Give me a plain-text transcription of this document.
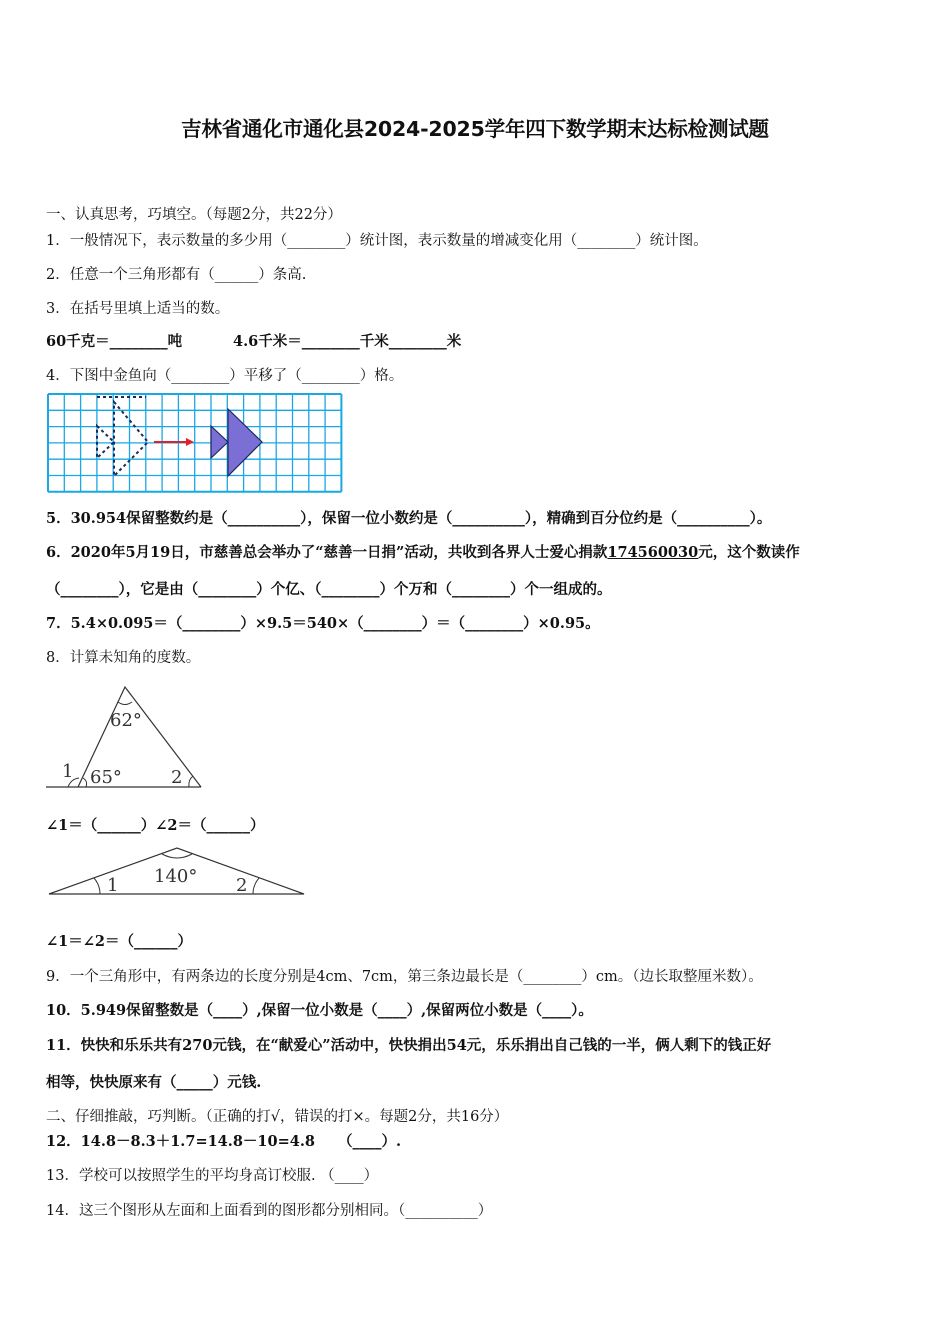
吉林省通化市通化县2024-2025学年四下数学期末达标检测试题
一、认真思考，巧填空。（每题2分，共22分）
1．一般情况下，表示数量的多少用（________）统计图，表示数量的增减变化用（________）统计图。
2．任意一个三角形都有（______）条高.
3．在括号里填上适当的数。
60千克＝________吨	4.6千米＝________千米________米
4．下图中金鱼向（________）平移了（________）格。
5．30.954保留整数约是（__________），保留一位小数约是（__________），精确到百分位约是（__________）。
6．2020年5月19日，市慈善总会举办了“慈善一日捐”活动，共收到各界人士爱心捐款174560030元，这个数读作
（________），它是由（________）个亿、（________）个万和（________）个一组成的。
7．5.4×0.095＝（________）×9.5＝540×（________）＝（________）×0.95。
8．计算未知角的度数。
62°
1 65°	2
∠1＝（______）∠2＝（______）
140°
1	2
∠1＝∠2＝（______）
9．一个三角形中，有两条边的长度分别是4cm、7cm，第三条边最长是（________）cm。（边长取整厘米数）。
10．5.949保留整数是（____）,保留一位小数是（____）,保留两位小数是（____）。
11．快快和乐乐共有270元钱，在“献爱心”活动中，快快捐出54元，乐乐捐出自己钱的一半，俩人剩下的钱正好
相等，快快原来有（_____）元钱.
二、仔细推敲，巧判断。（正确的打√，错误的打×。每题2分，共16分）
12．14.8－8.3＋1.7=14.8－10=4.8 （____）.
13．学校可以按照学生的平均身高订校服. （____）
14．这三个图形从左面和上面看到的图形都分别相同。（__________）
